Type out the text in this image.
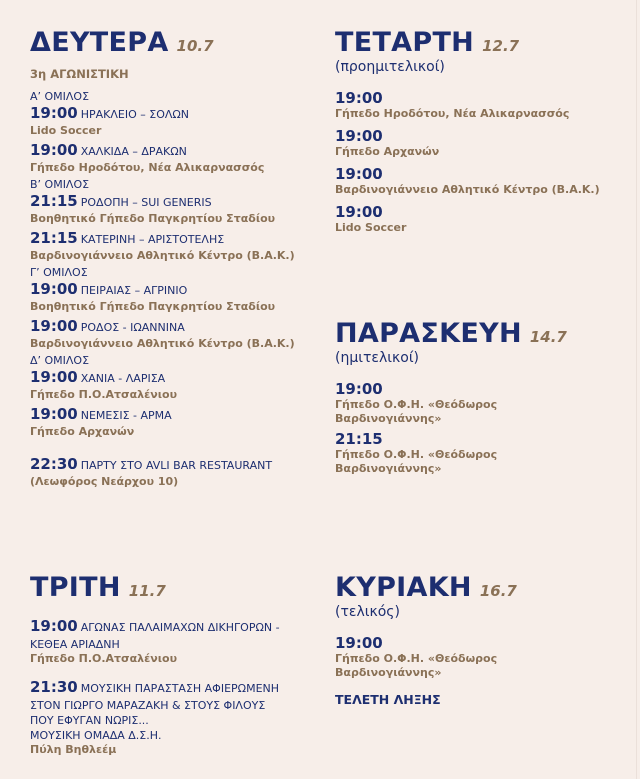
ΔΕΥΤΕΡΑ 10.7
3η ΑΓΩΝΙΣΤΙΚΗ
Α’ ΟΜΙΛΟΣ
19:00 ΗΡΑΚΛΕΙΟ – ΣΟΛΩΝ
Lido Soccer
19:00 ΧΑΛΚΙΔΑ – ΔΡΑΚΩΝ
Γήπεδο Ηροδότου, Νέα Αλικαρνασσός
Β’ ΟΜΙΛΟΣ
21:15 ΡΟΔΟΠΗ – SUI GENERIS
Βοηθητικό Γήπεδο Παγκρητίου Σταδίου
21:15 ΚΑΤΕΡΙΝΗ – ΑΡΙΣΤΟΤΕΛΗΣ
Βαρδινογιάννειο Αθλητικό Κέντρο (Β.Α.Κ.)
Γ’ ΟΜΙΛΟΣ
19:00 ΠΕΙΡΑΙΑΣ – ΑΓΡΙΝΙΟ
Βοηθητικό Γήπεδο Παγκρητίου Σταδίου
19:00 ΡΟΔΟΣ - ΙΩΑΝΝΙΝΑ
Βαρδινογιάννειο Αθλητικό Κέντρο (Β.Α.Κ.)
Δ’ ΟΜΙΛΟΣ
19:00 ΧΑΝΙΑ - ΛΑΡΙΣΑ
Γήπεδο Π.Ο.Ατσαλένιου
19:00 ΝΕΜΕΣΙΣ - ΑΡΜΑ
Γήπεδο Αρχανών
22:30 ΠΑΡΤΥ ΣΤΟ AVLI BAR RESTAURANT
(Λεωφόρος Νεάρχου 10)
ΤΡΙΤΗ 11.7
19:00 ΑΓΩΝΑΣ ΠΑΛΑΙΜΑΧΩΝ ΔΙΚΗΓΟΡΩΝ -
ΚΕΘΕΑ ΑΡΙΑΔΝΗ
Γήπεδο Π.Ο.Ατσαλένιου
21:30 ΜΟΥΣΙΚΗ ΠΑΡΑΣΤΑΣΗ ΑΦΙΕΡΩΜΕΝΗ
ΣΤΟΝ ΓΙΩΡΓΟ ΜΑΡΑΖΑΚΗ & ΣΤΟΥΣ ΦΙΛΟΥΣ
ΠΟΥ ΕΦΥΓΑΝ ΝΩΡΙΣ...
ΜΟΥΣΙΚΗ ΟΜΑΔΑ Δ.Σ.Η.
Πύλη Βηθλεέμ
ΤΕΤΑΡΤΗ 12.7
(προημιτελικοί)
19:00
Γήπεδο Ηροδότου, Νέα Αλικαρνασσός
19:00
Γήπεδο Αρχανών
19:00
Βαρδινογιάννειο Αθλητικό Κέντρο (Β.Α.Κ.)
19:00
Lido Soccer
ΠΑΡΑΣΚΕΥΗ 14.7
(ημιτελικοί)
19:00
Γήπεδο Ο.Φ.Η. «Θεόδωρος
Βαρδινογιάννης»
21:15
Γήπεδο Ο.Φ.Η. «Θεόδωρος
Βαρδινογιάννης»
ΚΥΡΙΑΚΗ 16.7
(τελικός)
19:00
Γήπεδο Ο.Φ.Η. «Θεόδωρος
Βαρδινογιάννης»
ΤΕΛΕΤΗ ΛΗΞΗΣ
